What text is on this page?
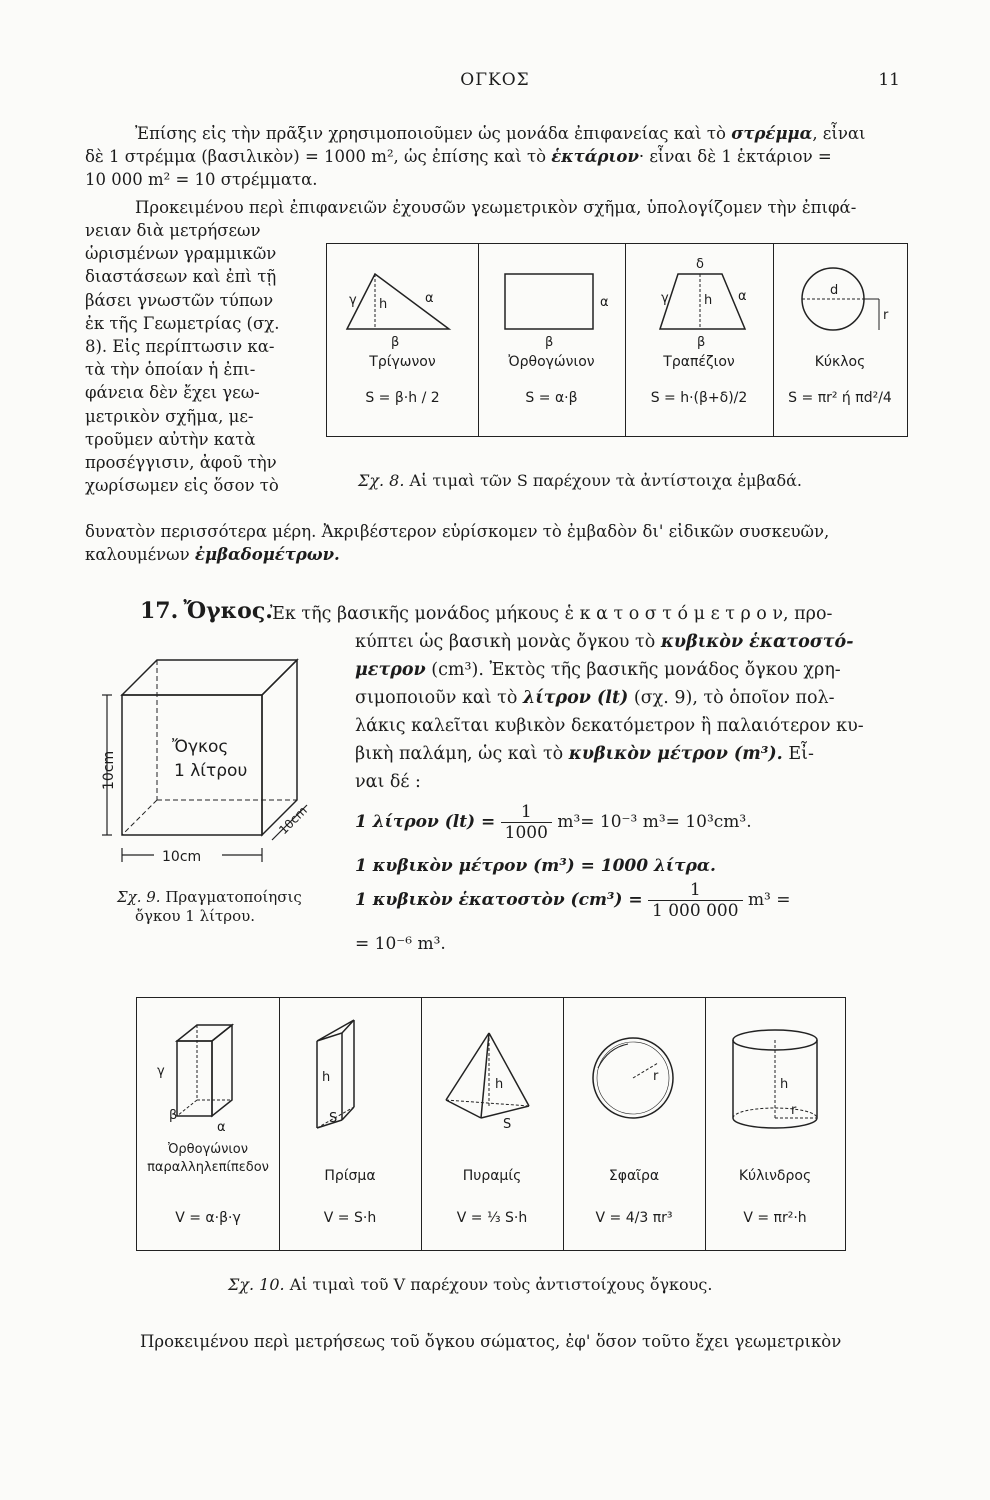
ΟΓΚΟΣ	11
Ἐπίσης εἰς τὴν πρᾶξιν χρησιμοποιοῦμεν ὡς μονάδα ἐπιφανείας καὶ τὸ στρέμμα, εἶναι
δὲ 1 στρέμμα (βασιλικὸν) = 1000 m², ὡς ἐπίσης καὶ τὸ ἑκτάριον· εἶναι δὲ 1 ἑκτάριον =
10 000 m² = 10 στρέμματα.
Προκειμένου περὶ ἐπιφανειῶν ἐχουσῶν γεωμετρικὸν σχῆμα, ὑπολογίζομεν τὴν ἐπιφά-
νειαν διὰ μετρήσεων
ὡρισμένων γραμμικῶν
διαστάσεων καὶ ἐπὶ τῇ
βάσει γνωστῶν τύπων
ἐκ τῆς Γεωμετρίας (σχ.
8). Εἰς περίπτωσιν κα-
τὰ τὴν ὁποίαν ἡ ἐπι-
φάνεια δὲν ἔχει γεω-
μετρικὸν σχῆμα, με-
τροῦμεν αὐτὴν κατὰ
προσέγγισιν, ἀφοῦ τὴν
χωρίσωμεν εἰς ὅσον τὸ
δυνατὸν περισσότερα μέρη. Ἀκριβέστερον εὑρίσκομεν τὸ ἐμβαδὸν δι' εἰδικῶν συσκευῶν,
καλουμένων ἐμβαδομέτρων.
γ h	α
β
Τρίγωνον
S = β·h / 2
α
β
Ὀρθογώνιον
S = α·β
δ
γ	h α
β
Τραπέζιον
S = h·(β+δ)/2
d
r
Κύκλος
S = πr² ή πd²/4
Σχ. 8. Αἱ τιμαὶ τῶν S παρέχουν τὰ ἀντίστοιχα ἐμβαδά.
17. Ὄγκος.
Ἐκ τῆς βασικῆς μονάδος μήκους ἑ κ α τ ο σ τ ό μ ε τ ρ ο ν, προ-
κύπτει ὡς βασικὴ μονὰς ὄγκου τὸ κυβικὸν ἑκατοστό-
μετρον (cm³). Ἐκτὸς τῆς βασικῆς μονάδος ὄγκου χρη-
σιμοποιοῦν καὶ τὸ λίτρον (lt) (σχ. 9), τὸ ὁποῖον πολ-
λάκις καλεῖται κυβικὸν δεκατόμετρον ἢ παλαιότερον κυ-
βικὴ παλάμη, ὡς καὶ τὸ κυβικὸν μέτρον (m³). Εἶ-
ναι δέ :
1 λίτρον $(lt) = \frac{1}{1000} m^3= 10^{-3}$ m³= 10³cm³.
1 κυβικὸν μέτρον (m³) = 1000 λίτρα.
1 κυβικὸν ἑκατοστὸν $(cm^3) = \frac{1}{1 000 000} m^3$ =
= 10⁻⁶ m³.
10cm
10cm
10cm
Ὄγκος
1 λίτρου
Σχ. 9. Πραγματοποίησις
ὄγκου 1 λίτρου.
γ
β
α
Ὀρθογώνιον
παραλληλεπίπεδον
V = α·β·γ
h
S
Πρίσμα
V = S·h
h
S
Πυραμίς
V = ⅓ S·h
r
Σφαῖρα
V = 4/3 πr³
h
r
Κύλινδρος
V = πr²·h
Σχ. 10. Αἱ τιμαὶ τοῦ V παρέχουν τοὺς ἀντιστοίχους ὄγκους.
Προκειμένου περὶ μετρήσεως τοῦ ὄγκου σώματος, ἐφ' ὅσον τοῦτο ἔχει γεωμετρικὸν
